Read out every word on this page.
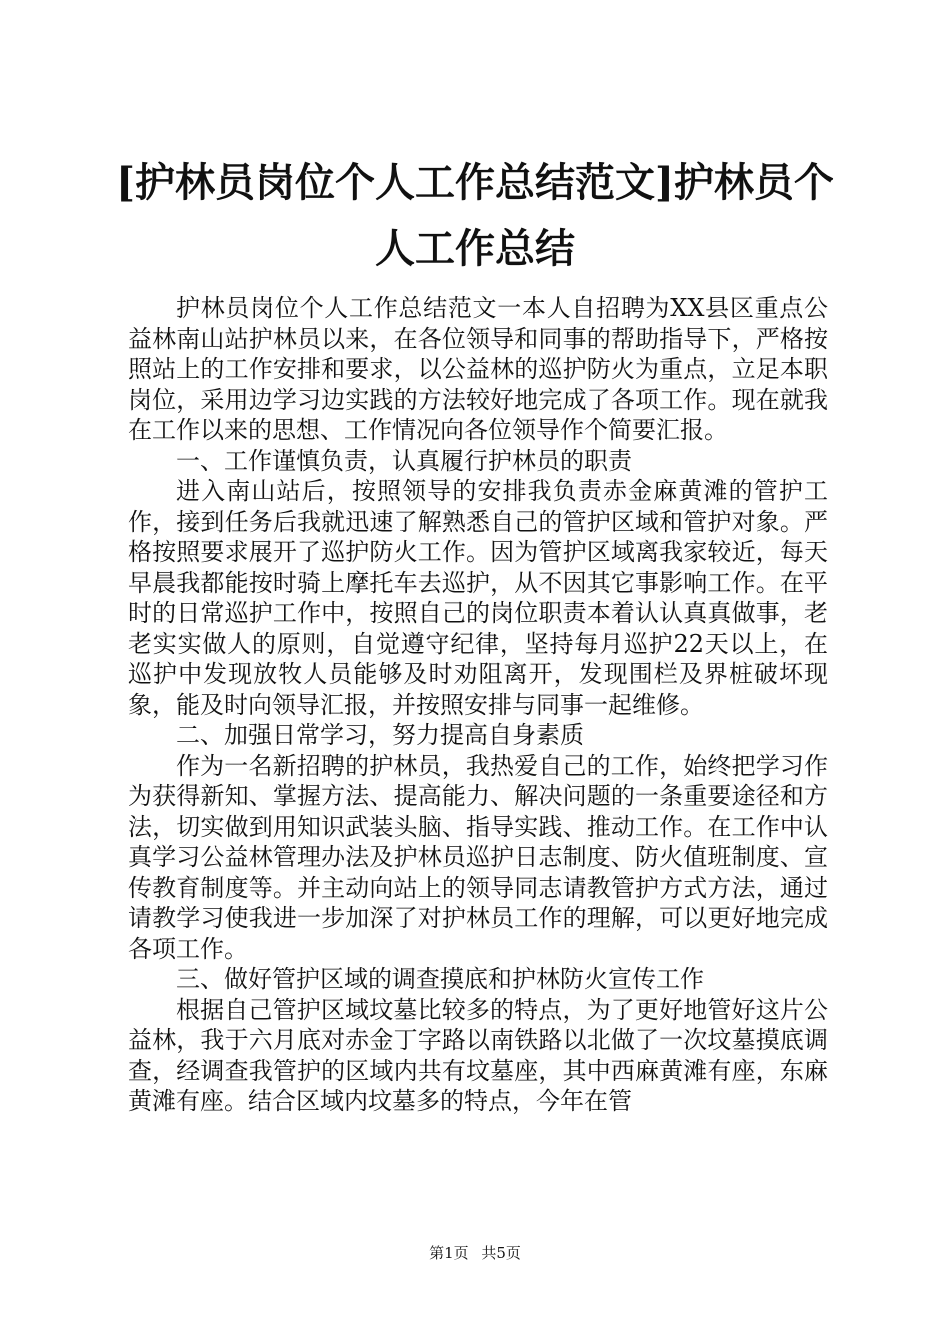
[护林员岗位个人工作总结范文]护林员个人工作总结

护林员岗位个人工作总结范文一本人自招聘为XX县区重点公益林南山站护林员以来，在各位领导和同事的帮助指导下，严格按照站上的工作安排和要求，以公益林的巡护防火为重点，立足本职岗位，采用边学习边实践的方法较好地完成了各项工作。现在就我在工作以来的思想、工作情况向各位领导作个简要汇报。

一、工作谨慎负责，认真履行护林员的职责

进入南山站后，按照领导的安排我负责赤金麻黄滩的管护工作，接到任务后我就迅速了解熟悉自己的管护区域和管护对象。严格按照要求展开了巡护防火工作。因为管护区域离我家较近，每天早晨我都能按时骑上摩托车去巡护，从不因其它事影响工作。在平时的日常巡护工作中，按照自己的岗位职责本着认认真真做事，老老实实做人的原则，自觉遵守纪律，坚持每月巡护22天以上，在巡护中发现放牧人员能够及时劝阻离开，发现围栏及界桩破坏现象，能及时向领导汇报，并按照安排与同事一起维修。

二、加强日常学习，努力提高自身素质

作为一名新招聘的护林员，我热爱自己的工作，始终把学习作为获得新知、掌握方法、提高能力、解决问题的一条重要途径和方法，切实做到用知识武装头脑、指导实践、推动工作。在工作中认真学习公益林管理办法及护林员巡护日志制度、防火值班制度、宣传教育制度等。并主动向站上的领导同志请教管护方式方法，通过请教学习使我进一步加深了对护林员工作的理解，可以更好地完成各项工作。

三、做好管护区域的调查摸底和护林防火宣传工作

根据自己管护区域坟墓比较多的特点，为了更好地管好这片公益林，我于六月底对赤金丁字路以南铁路以北做了一次坟墓摸底调查，经调查我管护的区域内共有坟墓座，其中西麻黄滩有座，东麻黄滩有座。结合区域内坟墓多的特点，今年在管

第1页 共5页
